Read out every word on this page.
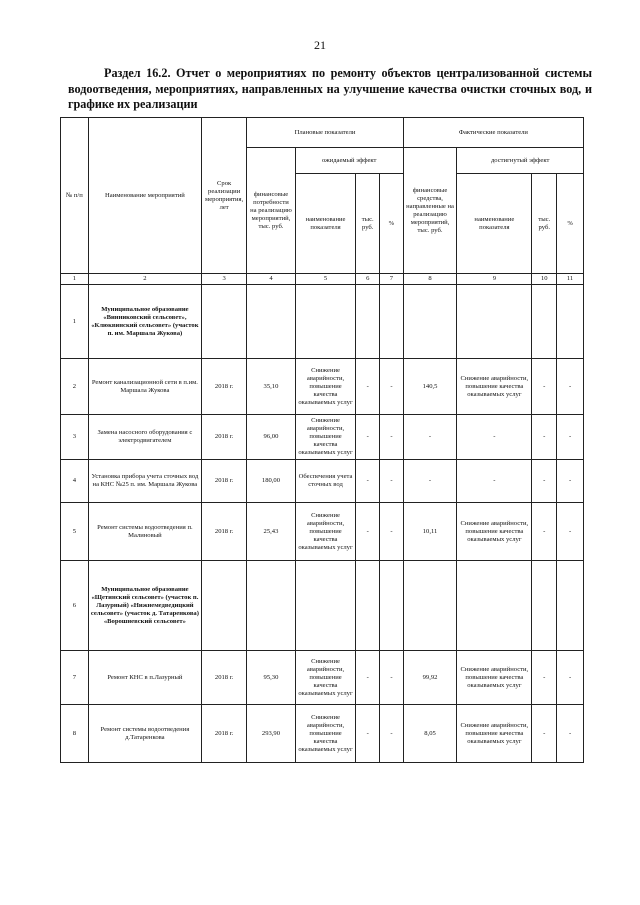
21
Раздел 16.2. Отчет о мероприятиях по ремонту объектов централизованной системы водоотведения, мероприятиях, направленных на улучшение качества очистки сточных вод, и графике их реализации
№ п/п	Наименование мероприятий	Срок реализации мероприятия, лет	Плановые показатели				Фактические показатели			
			финансовые потребности на реализацию мероприятий, тыс. руб.	ожидаемый эффект			финансовые средства, направленные на реализацию мероприятий, тыс. руб.	достигнутый эффект		
				наименование показателя	тыс. руб.	%		наименование показателя	тыс. руб.	%
1	2	3	4	5	6	7	8	9	10	11
1	Муниципальное образование «Винниковский сельсовет», «Клюквинский сельсовет» (участок п. им. Маршала Жукова)									
2	Ремонт канализационной сети в п.им. Маршала Жукова	2018 г.	35,10	Снижение аварийности, повышение качества оказываемых услуг	-	-	140,5	Снижение аварийности, повышение качества оказываемых услуг	-	-
3	Замена насосного оборудования с электродвигателем	2018 г.	96,00	Снижение аварийности, повышение качества оказываемых услуг	-	-	-	-	-	-
4	Установка прибора учета сточных вод на КНС №25 п. им. Маршала Жукова	2018 г.	180,00	Обеспечения учета сточных вод	-	-	-	-	-	-
5	Ремонт системы водоотведения п. Малиновый	2018 г.	25,43	Снижение аварийности, повышение качества оказываемых услуг	-	-	10,11	Снижение аварийности, повышение качества оказываемых услуг	-	-
6	Муниципальное образование «Щетинский сельсовет» (участок п. Лазурный) «Нижнемедведицкий сельсовет» (участок д. Татаренкова) «Ворошневский сельсовет»									
7	Ремонт КНС в п.Лазурный	2018 г.	95,30	Снижение аварийности, повышение качества оказываемых услуг	-	-	99,92	Снижение аварийности, повышение качества оказываемых услуг	-	-
8	Ремонт системы водоотведения д.Татаренкова	2018 г.	293,90	Снижение аварийности, повышение качества оказываемых услуг	-	-	8,05	Снижение аварийности, повышение качества оказываемых услуг	-	-
